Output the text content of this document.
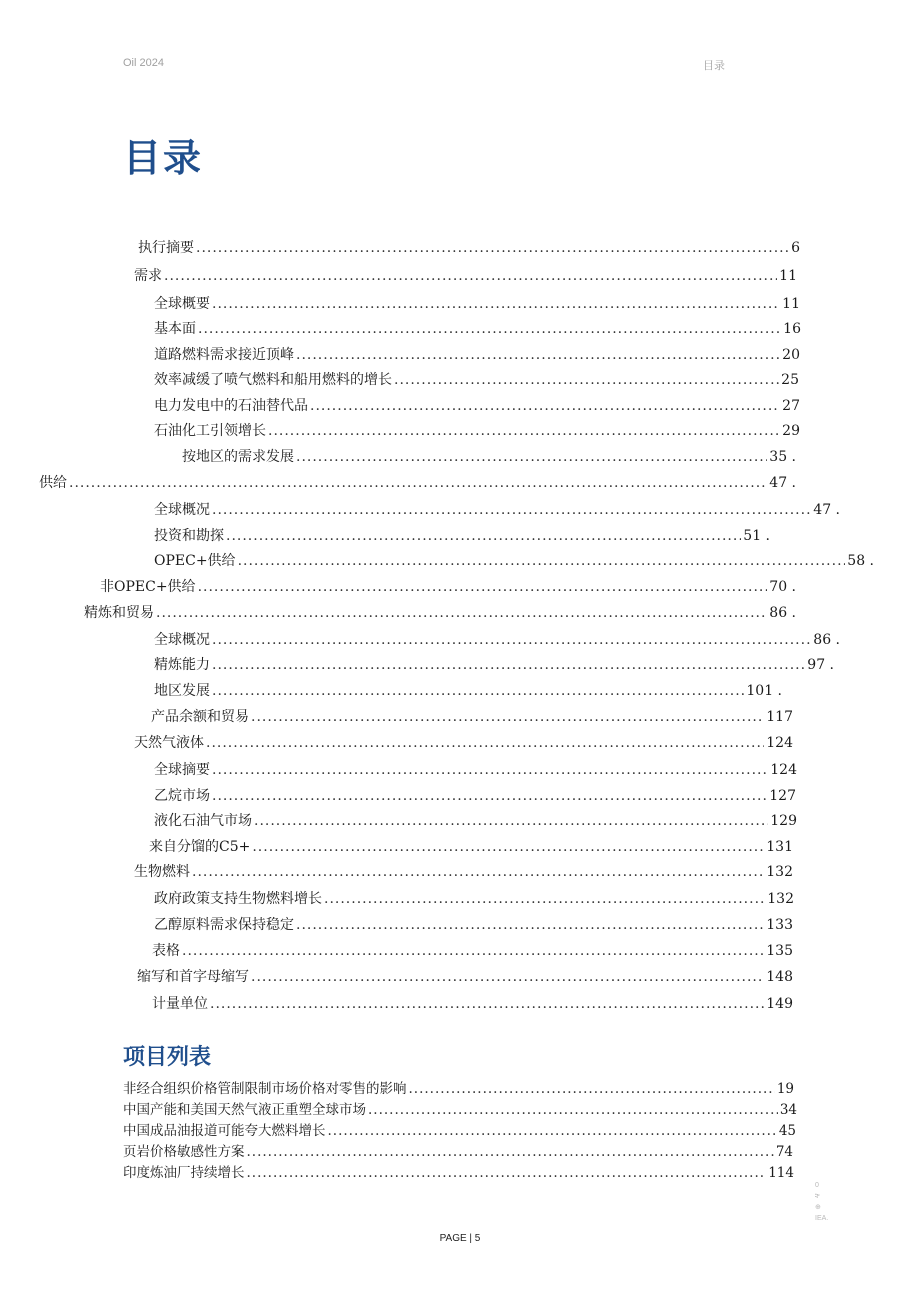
Oil 2024	目录
目录
执行摘要 .....	6
需求 .....	11
全球概要 .....	11
基本面 .....	16
道路燃料需求接近顶峰 .....	20
效率减缓了喷气燃料和船用燃料的增长 .....	25
电力发电中的石油替代品 .....	27
石油化工引领增长 .....	29
按地区的需求发展 .....	35 .
供给 .....	47 .
全球概况 .....	47 .
投资和勘探 .....	51 .
OPEC+供给 .....	58 .
非OPEC+供给 .....	70 .
精炼和贸易 .....	86 .
全球概况 .....	86 .
精炼能力 .....	97 .
地区发展 .....	101 .
产品余额和贸易 .....	117
天然气液体 .....	124
全球摘要 .....	124
乙烷市场 .....	127
液化石油气市场 .....	129
来自分馏的C5+ .....	131
生物燃料 .....	132
政府政策支持生物燃料增长 .....	132
乙醇原料需求保持稳定 .....	133
表格 .....	135
缩写和首字母缩写 .....	148
计量单位 .....	149
项目列表
非经合组织价格管制限制市场价格对零售的影响 .....	19
中国产能和美国天然气液正重塑全球市场 .....	34
中国成品油报道可能夸大燃料增长 .....	45
页岩价格敏感性方案 .....	74
印度炼油厂持续增长 .....	114
0
ቸ
⊕
IEA.
PAGE | 5
